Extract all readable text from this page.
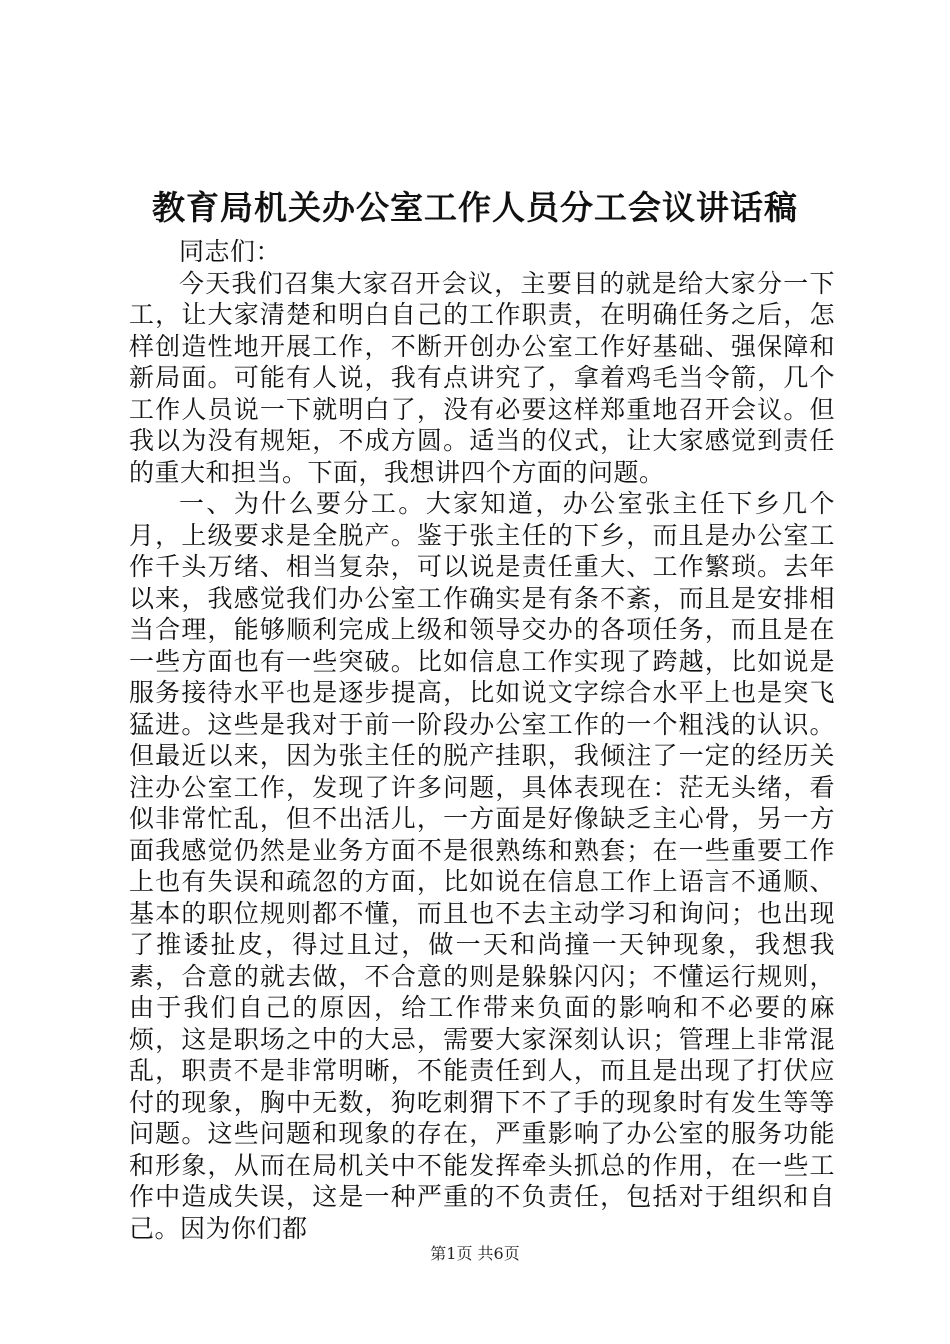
教育局机关办公室工作人员分工会议讲话稿

同志们：

今天我们召集大家召开会议，主要目的就是给大家分一下工，让大家清楚和明白自己的工作职责，在明确任务之后，怎样创造性地开展工作，不断开创办公室工作好基础、强保障和新局面。可能有人说，我有点讲究了，拿着鸡毛当令箭，几个工作人员说一下就明白了，没有必要这样郑重地召开会议。但我以为没有规矩，不成方圆。适当的仪式，让大家感觉到责任的重大和担当。下面，我想讲四个方面的问题。

一、为什么要分工。大家知道，办公室张主任下乡几个月，上级要求是全脱产。鉴于张主任的下乡，而且是办公室工作千头万绪、相当复杂，可以说是责任重大、工作繁琐。去年以来，我感觉我们办公室工作确实是有条不紊，而且是安排相当合理，能够顺利完成上级和领导交办的各项任务，而且是在一些方面也有一些突破。比如信息工作实现了跨越，比如说是服务接待水平也是逐步提高，比如说文字综合水平上也是突飞猛进。这些是我对于前一阶段办公室工作的一个粗浅的认识。但最近以来，因为张主任的脱产挂职，我倾注了一定的经历关注办公室工作，发现了许多问题，具体表现在：茫无头绪，看似非常忙乱，但不出活儿，一方面是好像缺乏主心骨，另一方面我感觉仍然是业务方面不是很熟练和熟套；在一些重要工作上也有失误和疏忽的方面，比如说在信息工作上语言不通顺、基本的职位规则都不懂，而且也不去主动学习和询问；也出现了推诿扯皮，得过且过，做一天和尚撞一天钟现象，我想我素，合意的就去做，不合意的则是躲躲闪闪；不懂运行规则，由于我们自己的原因，给工作带来负面的影响和不必要的麻烦，这是职场之中的大忌，需要大家深刻认识；管理上非常混乱，职责不是非常明晰，不能责任到人，而且是出现了打伏应付的现象，胸中无数，狗吃刺猬下不了手的现象时有发生等等问题。这些问题和现象的存在，严重影响了办公室的服务功能和形象，从而在局机关中不能发挥牵头抓总的作用，在一些工作中造成失误，这是一种严重的不负责任，包括对于组织和自己。因为你们都

第1页 共6页
